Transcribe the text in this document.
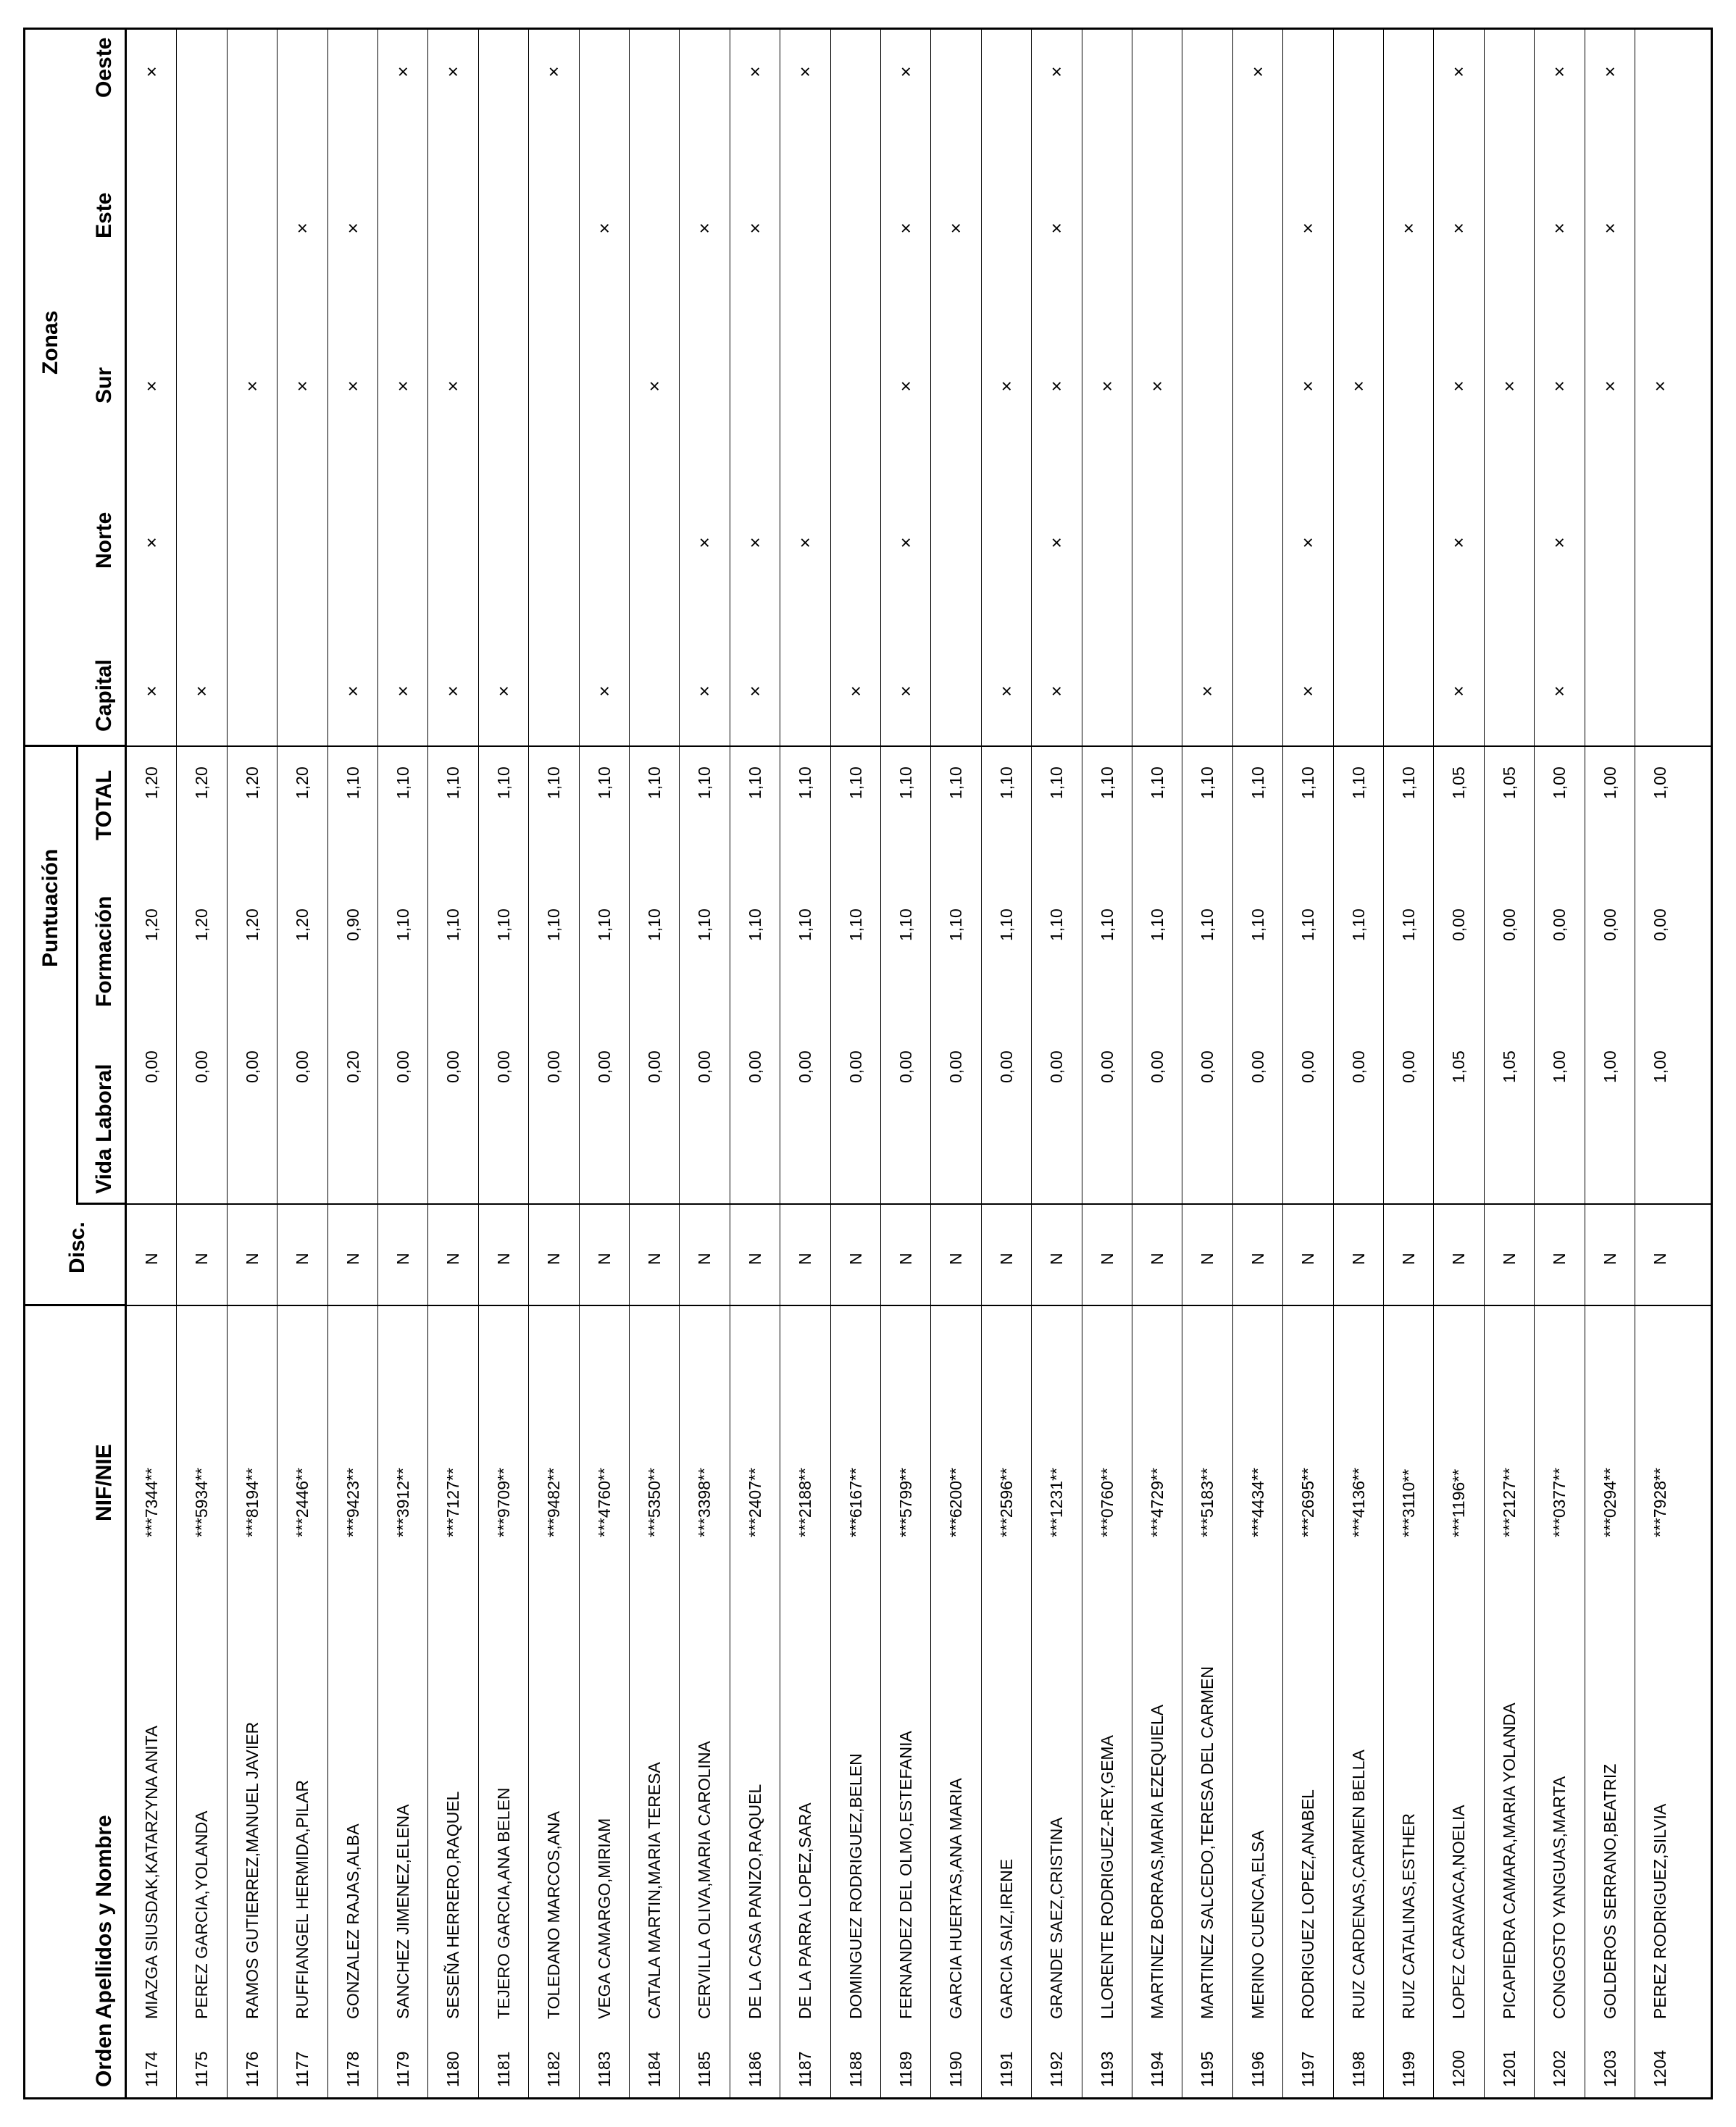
Orden
Apellidos y Nombre
NIF/NIE
Disc.
Puntuación
Vida Laboral
Formación
TOTAL
Zonas
Capital
Norte
Sur
Este
Oeste
1174
MIAZGA SIUSDAK,KATARZYNA ANITA
***7344**
N
0,00
1,20
1,20
×
×
×
×
1175
PEREZ GARCIA,YOLANDA
***5934**
N
0,00
1,20
1,20
×
1176
RAMOS GUTIERREZ,MANUEL JAVIER
***8194**
N
0,00
1,20
1,20
×
1177
RUFFIANGEL HERMIDA,PILAR
***2446**
N
0,00
1,20
1,20
×
×
1178
GONZALEZ RAJAS,ALBA
***9423**
N
0,20
0,90
1,10
×
×
×
1179
SANCHEZ JIMENEZ,ELENA
***3912**
N
0,00
1,10
1,10
×
×
×
1180
SESEÑA HERRERO,RAQUEL
***7127**
N
0,00
1,10
1,10
×
×
×
1181
TEJERO GARCIA,ANA BELEN
***9709**
N
0,00
1,10
1,10
×
1182
TOLEDANO MARCOS,ANA
***9482**
N
0,00
1,10
1,10
×
1183
VEGA CAMARGO,MIRIAM
***4760**
N
0,00
1,10
1,10
×
×
1184
CATALA MARTIN,MARIA TERESA
***5350**
N
0,00
1,10
1,10
×
1185
CERVILLA OLIVA,MARIA CAROLINA
***3398**
N
0,00
1,10
1,10
×
×
×
1186
DE LA CASA PANIZO,RAQUEL
***2407**
N
0,00
1,10
1,10
×
×
×
×
1187
DE LA PARRA LOPEZ,SARA
***2188**
N
0,00
1,10
1,10
×
×
1188
DOMINGUEZ RODRIGUEZ,BELEN
***6167**
N
0,00
1,10
1,10
×
1189
FERNANDEZ DEL OLMO,ESTEFANIA
***5799**
N
0,00
1,10
1,10
×
×
×
×
×
1190
GARCIA HUERTAS,ANA MARIA
***6200**
N
0,00
1,10
1,10
×
1191
GARCIA SAIZ,IRENE
***2596**
N
0,00
1,10
1,10
×
×
1192
GRANDE SAEZ,CRISTINA
***1231**
N
0,00
1,10
1,10
×
×
×
×
×
1193
LLORENTE RODRIGUEZ-REY,GEMA
***0760**
N
0,00
1,10
1,10
×
1194
MARTINEZ BORRAS,MARIA EZEQUIELA
***4729**
N
0,00
1,10
1,10
×
1195
MARTINEZ SALCEDO,TERESA DEL CARMEN
***5183**
N
0,00
1,10
1,10
×
1196
MERINO CUENCA,ELSA
***4434**
N
0,00
1,10
1,10
×
1197
RODRIGUEZ LOPEZ,ANABEL
***2695**
N
0,00
1,10
1,10
×
×
×
×
1198
RUIZ CARDENAS,CARMEN BELLA
***4136**
N
0,00
1,10
1,10
×
1199
RUIZ CATALINAS,ESTHER
***3110**
N
0,00
1,10
1,10
×
1200
LOPEZ CARAVACA,NOELIA
***1196**
N
1,05
0,00
1,05
×
×
×
×
×
1201
PICAPIEDRA CAMARA,MARIA YOLANDA
***2127**
N
1,05
0,00
1,05
×
1202
CONGOSTO YANGUAS,MARTA
***0377**
N
1,00
0,00
1,00
×
×
×
×
×
1203
GOLDEROS SERRANO,BEATRIZ
***0294**
N
1,00
0,00
1,00
×
×
×
1204
PEREZ RODRIGUEZ,SILVIA
***7928**
N
1,00
0,00
1,00
×
